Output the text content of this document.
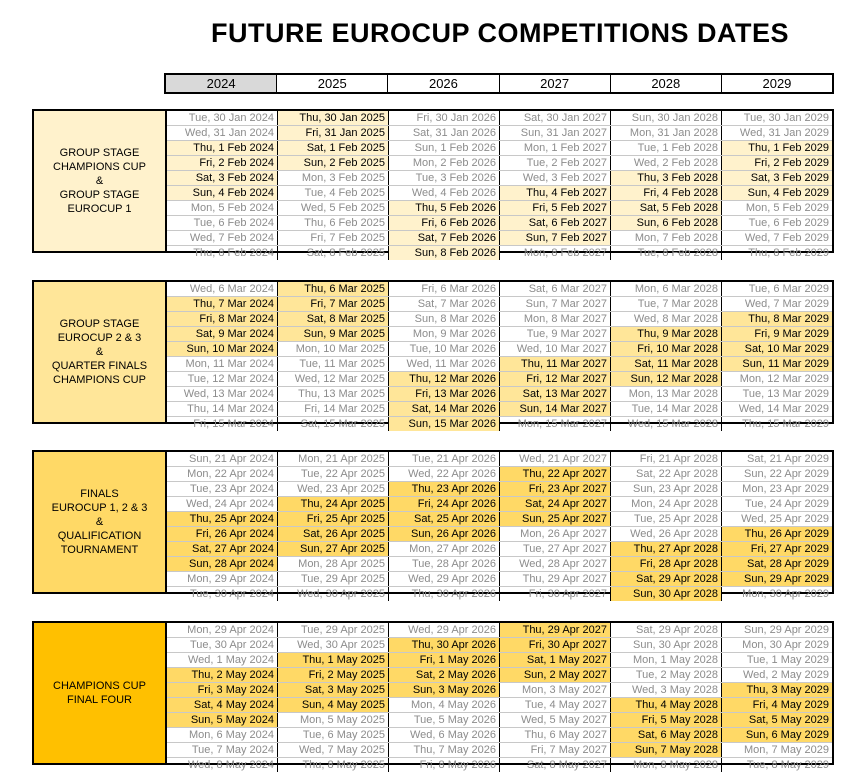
FUTURE EUROCUP COMPETITIONS DATES
2024	2025	2026	2027	2028	2029
GROUP STAGE
CHAMPIONS CUP
&
GROUP STAGE
EUROCUP 1
Tue, 30 Jan 2024	Thu, 30 Jan 2025	Fri, 30 Jan 2026	Sat, 30 Jan 2027	Sun, 30 Jan 2028	Tue, 30 Jan 2029
Wed, 31 Jan 2024	Fri, 31 Jan 2025	Sat, 31 Jan 2026	Sun, 31 Jan 2027	Mon, 31 Jan 2028	Wed, 31 Jan 2029
Thu, 1 Feb 2024	Sat, 1 Feb 2025	Sun, 1 Feb 2026	Mon, 1 Feb 2027	Tue, 1 Feb 2028	Thu, 1 Feb 2029
Fri, 2 Feb 2024	Sun, 2 Feb 2025	Mon, 2 Feb 2026	Tue, 2 Feb 2027	Wed, 2 Feb 2028	Fri, 2 Feb 2029
Sat, 3 Feb 2024	Mon, 3 Feb 2025	Tue, 3 Feb 2026	Wed, 3 Feb 2027	Thu, 3 Feb 2028	Sat, 3 Feb 2029
Sun, 4 Feb 2024	Tue, 4 Feb 2025	Wed, 4 Feb 2026	Thu, 4 Feb 2027	Fri, 4 Feb 2028	Sun, 4 Feb 2029
Mon, 5 Feb 2024	Wed, 5 Feb 2025	Thu, 5 Feb 2026	Fri, 5 Feb 2027	Sat, 5 Feb 2028	Mon, 5 Feb 2029
Tue, 6 Feb 2024	Thu, 6 Feb 2025	Fri, 6 Feb 2026	Sat, 6 Feb 2027	Sun, 6 Feb 2028	Tue, 6 Feb 2029
Wed, 7 Feb 2024	Fri, 7 Feb 2025	Sat, 7 Feb 2026	Sun, 7 Feb 2027	Mon, 7 Feb 2028	Wed, 7 Feb 2029
Thu, 8 Feb 2024	Sat, 8 Feb 2025	Sun, 8 Feb 2026	Mon, 8 Feb 2027	Tue, 8 Feb 2028	Thu, 8 Feb 2029
GROUP STAGE
EUROCUP 2 & 3
&
QUARTER FINALS
CHAMPIONS CUP
Wed, 6 Mar 2024	Thu, 6 Mar 2025	Fri, 6 Mar 2026	Sat, 6 Mar 2027	Mon, 6 Mar 2028	Tue, 6 Mar 2029
Thu, 7 Mar 2024	Fri, 7 Mar 2025	Sat, 7 Mar 2026	Sun, 7 Mar 2027	Tue, 7 Mar 2028	Wed, 7 Mar 2029
Fri, 8 Mar 2024	Sat, 8 Mar 2025	Sun, 8 Mar 2026	Mon, 8 Mar 2027	Wed, 8 Mar 2028	Thu, 8 Mar 2029
Sat, 9 Mar 2024	Sun, 9 Mar 2025	Mon, 9 Mar 2026	Tue, 9 Mar 2027	Thu, 9 Mar 2028	Fri, 9 Mar 2029
Sun, 10 Mar 2024	Mon, 10 Mar 2025	Tue, 10 Mar 2026	Wed, 10 Mar 2027	Fri, 10 Mar 2028	Sat, 10 Mar 2029
Mon, 11 Mar 2024	Tue, 11 Mar 2025	Wed, 11 Mar 2026	Thu, 11 Mar 2027	Sat, 11 Mar 2028	Sun, 11 Mar 2029
Tue, 12 Mar 2024	Wed, 12 Mar 2025	Thu, 12 Mar 2026	Fri, 12 Mar 2027	Sun, 12 Mar 2028	Mon, 12 Mar 2029
Wed, 13 Mar 2024	Thu, 13 Mar 2025	Fri, 13 Mar 2026	Sat, 13 Mar 2027	Mon, 13 Mar 2028	Tue, 13 Mar 2029
Thu, 14 Mar 2024	Fri, 14 Mar 2025	Sat, 14 Mar 2026	Sun, 14 Mar 2027	Tue, 14 Mar 2028	Wed, 14 Mar 2029
Fri, 15 Mar 2024	Sat, 15 Mar 2025	Sun, 15 Mar 2026	Mon, 15 Mar 2027	Wed, 15 Mar 2028	Thu, 15 Mar 2029
FINALS
EUROCUP 1, 2 & 3
&
QUALIFICATION
TOURNAMENT
Sun, 21 Apr 2024	Mon, 21 Apr 2025	Tue, 21 Apr 2026	Wed, 21 Apr 2027	Fri, 21 Apr 2028	Sat, 21 Apr 2029
Mon, 22 Apr 2024	Tue, 22 Apr 2025	Wed, 22 Apr 2026	Thu, 22 Apr 2027	Sat, 22 Apr 2028	Sun, 22 Apr 2029
Tue, 23 Apr 2024	Wed, 23 Apr 2025	Thu, 23 Apr 2026	Fri, 23 Apr 2027	Sun, 23 Apr 2028	Mon, 23 Apr 2029
Wed, 24 Apr 2024	Thu, 24 Apr 2025	Fri, 24 Apr 2026	Sat, 24 Apr 2027	Mon, 24 Apr 2028	Tue, 24 Apr 2029
Thu, 25 Apr 2024	Fri, 25 Apr 2025	Sat, 25 Apr 2026	Sun, 25 Apr 2027	Tue, 25 Apr 2028	Wed, 25 Apr 2029
Fri, 26 Apr 2024	Sat, 26 Apr 2025	Sun, 26 Apr 2026	Mon, 26 Apr 2027	Wed, 26 Apr 2028	Thu, 26 Apr 2029
Sat, 27 Apr 2024	Sun, 27 Apr 2025	Mon, 27 Apr 2026	Tue, 27 Apr 2027	Thu, 27 Apr 2028	Fri, 27 Apr 2029
Sun, 28 Apr 2024	Mon, 28 Apr 2025	Tue, 28 Apr 2026	Wed, 28 Apr 2027	Fri, 28 Apr 2028	Sat, 28 Apr 2029
Mon, 29 Apr 2024	Tue, 29 Apr 2025	Wed, 29 Apr 2026	Thu, 29 Apr 2027	Sat, 29 Apr 2028	Sun, 29 Apr 2029
Tue, 30 Apr 2024	Wed, 30 Apr 2025	Thu, 30 Apr 2026	Fri, 30 Apr 2027	Sun, 30 Apr 2028	Mon, 30 Apr 2029
CHAMPIONS CUP
FINAL FOUR
Mon, 29 Apr 2024	Tue, 29 Apr 2025	Wed, 29 Apr 2026	Thu, 29 Apr 2027	Sat, 29 Apr 2028	Sun, 29 Apr 2029
Tue, 30 Apr 2024	Wed, 30 Apr 2025	Thu, 30 Apr 2026	Fri, 30 Apr 2027	Sun, 30 Apr 2028	Mon, 30 Apr 2029
Wed, 1 May 2024	Thu, 1 May 2025	Fri, 1 May 2026	Sat, 1 May 2027	Mon, 1 May 2028	Tue, 1 May 2029
Thu, 2 May 2024	Fri, 2 May 2025	Sat, 2 May 2026	Sun, 2 May 2027	Tue, 2 May 2028	Wed, 2 May 2029
Fri, 3 May 2024	Sat, 3 May 2025	Sun, 3 May 2026	Mon, 3 May 2027	Wed, 3 May 2028	Thu, 3 May 2029
Sat, 4 May 2024	Sun, 4 May 2025	Mon, 4 May 2026	Tue, 4 May 2027	Thu, 4 May 2028	Fri, 4 May 2029
Sun, 5 May 2024	Mon, 5 May 2025	Tue, 5 May 2026	Wed, 5 May 2027	Fri, 5 May 2028	Sat, 5 May 2029
Mon, 6 May 2024	Tue, 6 May 2025	Wed, 6 May 2026	Thu, 6 May 2027	Sat, 6 May 2028	Sun, 6 May 2029
Tue, 7 May 2024	Wed, 7 May 2025	Thu, 7 May 2026	Fri, 7 May 2027	Sun, 7 May 2028	Mon, 7 May 2029
Wed, 8 May 2024	Thu, 8 May 2025	Fri, 8 May 2026	Sat, 8 May 2027	Mon, 8 May 2028	Tue, 8 May 2029
